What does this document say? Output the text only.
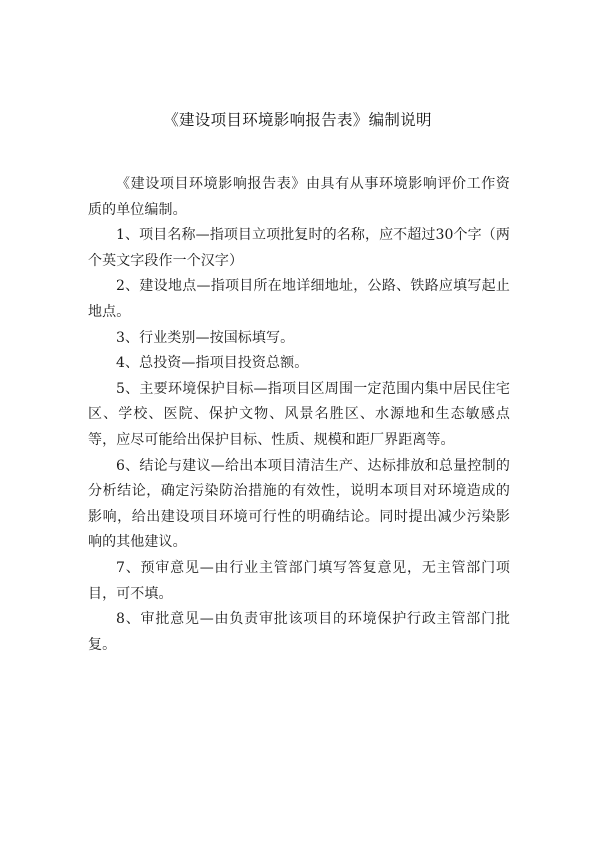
《建设项目环境影响报告表》编制说明

《建设项目环境影响报告表》由具有从事环境影响评价工作资质的单位编制。

1、项目名称—指项目立项批复时的名称，应不超过30个字（两个英文字段作一个汉字）

2、建设地点—指项目所在地详细地址，公路、铁路应填写起止地点。

3、行业类别—按国标填写。

4、总投资—指项目投资总额。

5、主要环境保护目标—指项目区周围一定范围内集中居民住宅区、学校、医院、保护文物、风景名胜区、水源地和生态敏感点等，应尽可能给出保护目标、性质、规模和距厂界距离等。

6、结论与建议—给出本项目清洁生产、达标排放和总量控制的分析结论，确定污染防治措施的有效性，说明本项目对环境造成的影响，给出建设项目环境可行性的明确结论。同时提出减少污染影响的其他建议。

7、预审意见—由行业主管部门填写答复意见，无主管部门项目，可不填。

8、审批意见—由负责审批该项目的环境保护行政主管部门批复。
